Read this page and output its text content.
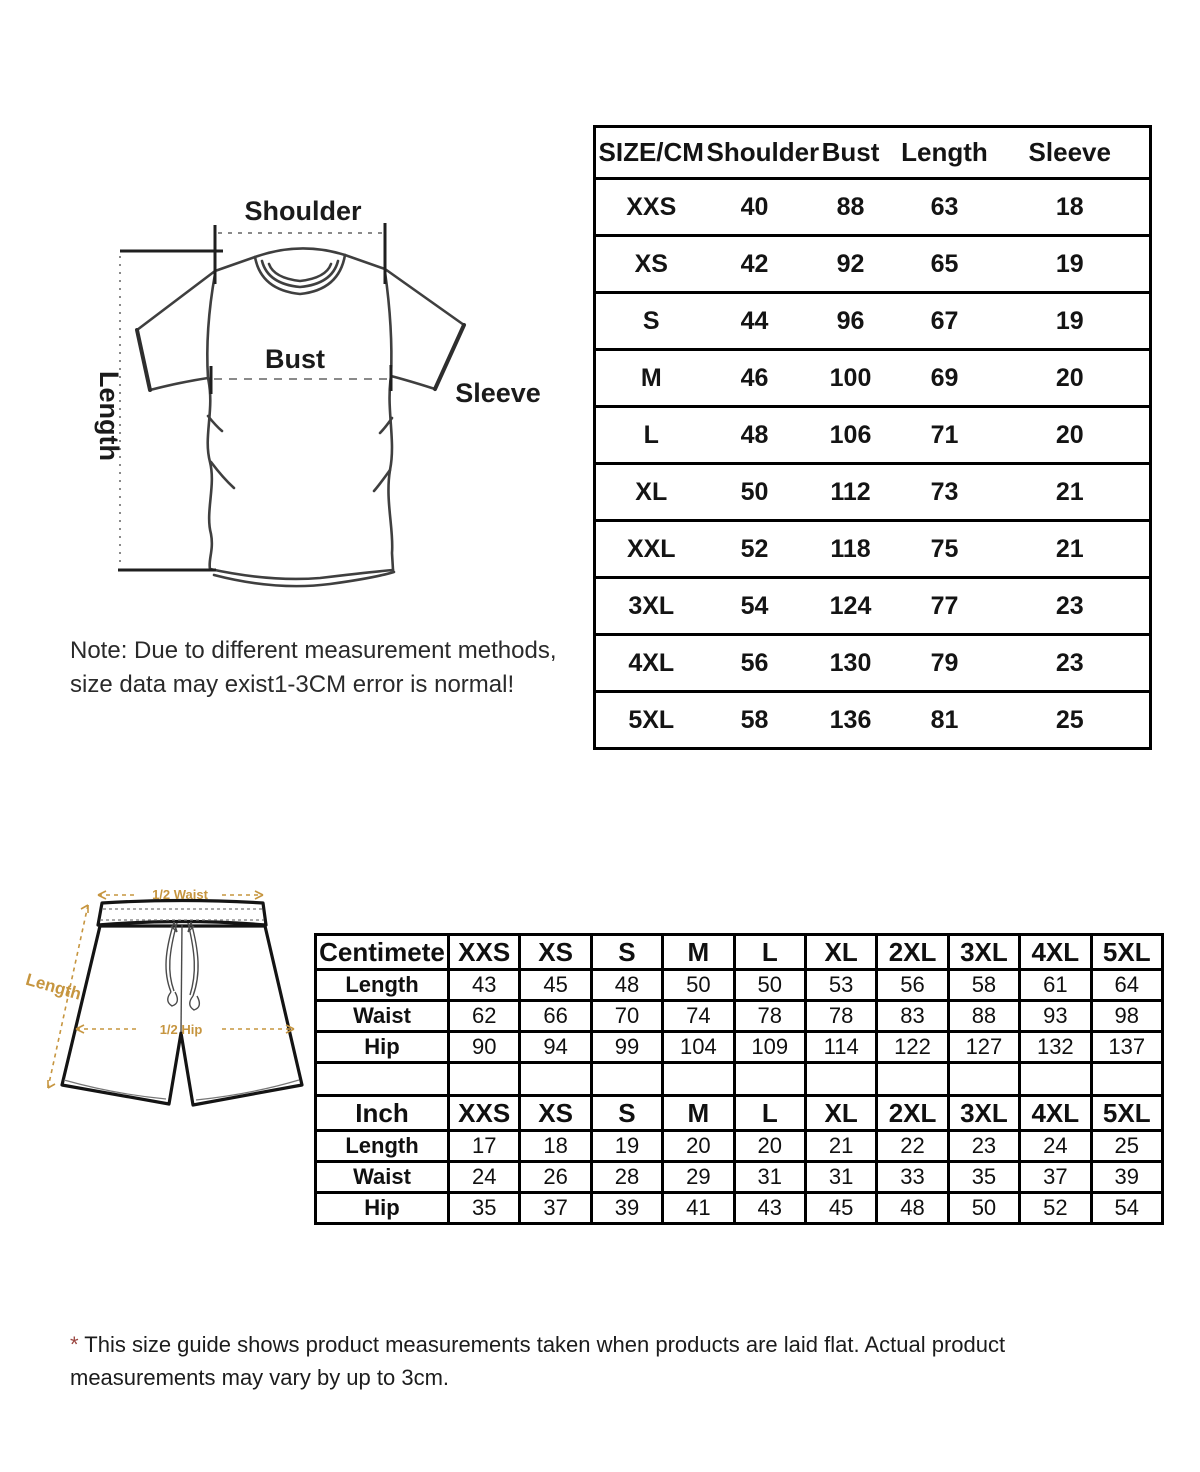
Shoulder
Bust
Sleeve
Length
SIZE/CM	Shoulder	Bust	Length	Sleeve
XXS	40	88	63	18
XS	42	92	65	19
S	44	96	67	19
M	46	100	69	20
L	48	106	71	20
XL	50	112	73	21
XXL	52	118	75	21
3XL	54	124	77	23
4XL	56	130	79	23
5XL	58	136	81	25
Note: Due to different measurement methods,
size data may exist1-3CM error is normal!
1/2 Waist
Length
1/2 Hip
Centimete	XXS	XS	S	M	L	XL	2XL	3XL	4XL	5XL
Length	43	45	48	50	50	53	56	58	61	64
Waist	62	66	70	74	78	78	83	88	93	98
Hip	90	94	99	104	109	114	122	127	132	137

Inch	XXS	XS	S	M	L	XL	2XL	3XL	4XL	5XL
Length	17	18	19	20	20	21	22	23	24	25
Waist	24	26	28	29	31	31	33	35	37	39
Hip	35	37	39	41	43	45	48	50	52	54
* This size guide shows product measurements taken when products are laid flat. Actual product measurements may vary by up to 3cm.
